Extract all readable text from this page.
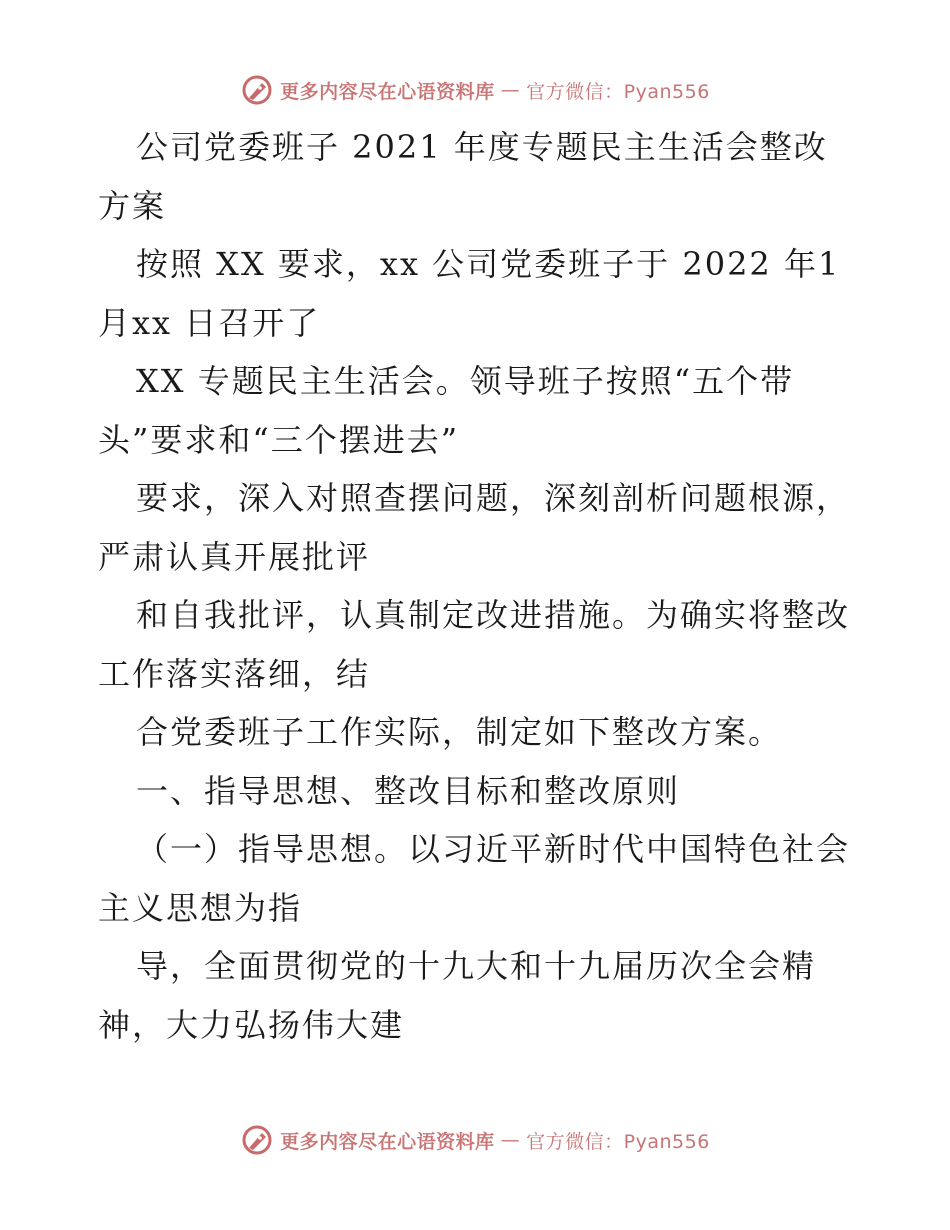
更多内容尽在心语资料库 — 官方微信：Pyan556

公司党委班子 2021 年度专题民主生活会整改方案

按照 XX 要求，xx 公司党委班子于 2022 年1月xx 日召开了

XX 专题民主生活会。领导班子按照“五个带头”要求和“三个摆进去”

要求，深入对照查摆问题，深刻剖析问题根源，严肃认真开展批评

和自我批评，认真制定改进措施。为确实将整改工作落实落细，结

合党委班子工作实际，制定如下整改方案。

一、指导思想、整改目标和整改原则

（一）指导思想。以习近平新时代中国特色社会主义思想为指

导，全面贯彻党的十九大和十九届历次全会精神，大力弘扬伟大建

更多内容尽在心语资料库 — 官方微信：Pyan556
